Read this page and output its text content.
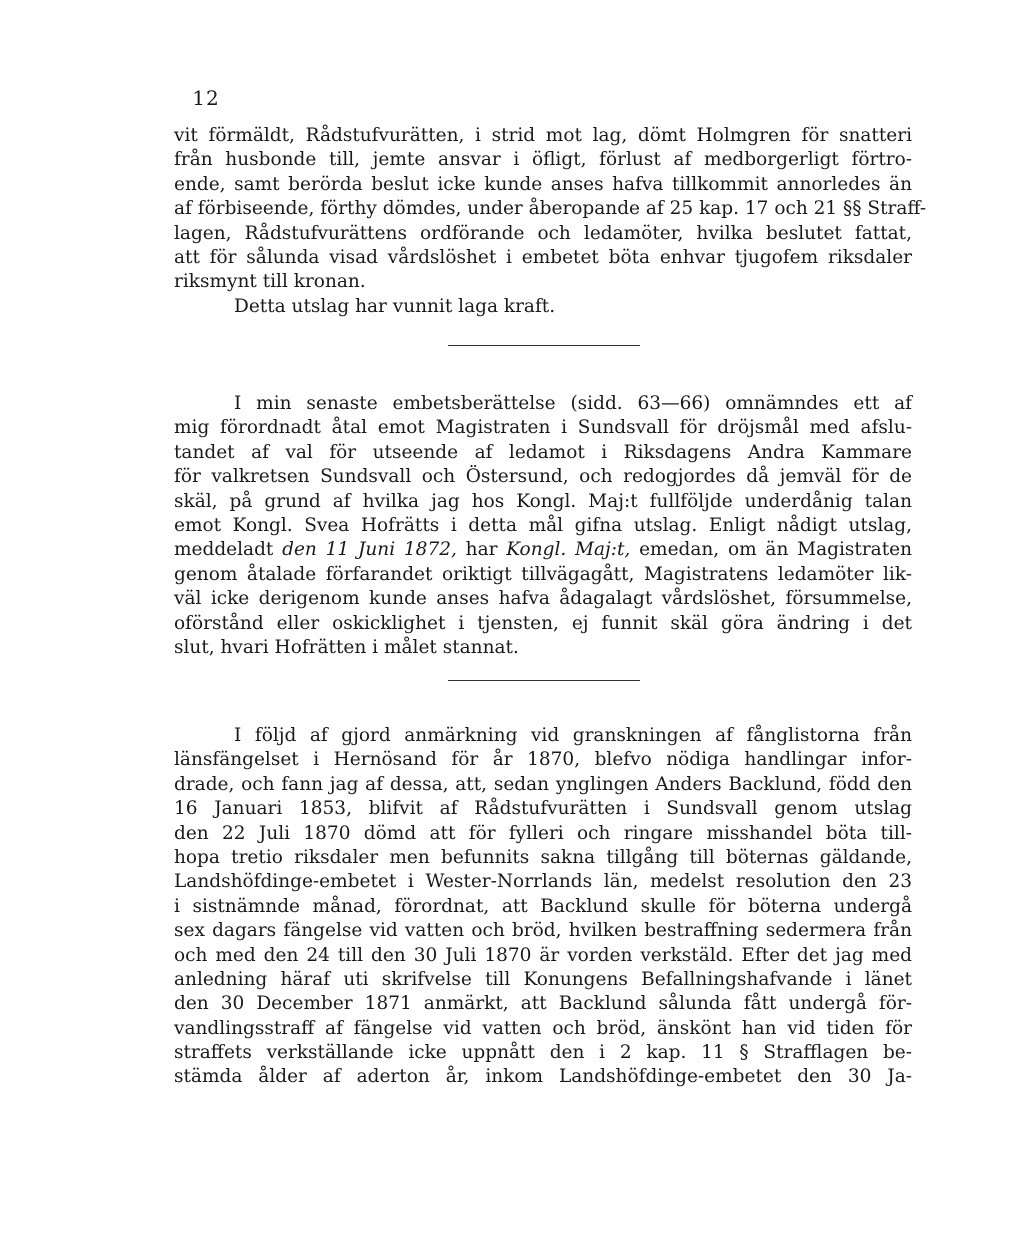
12
vit förmäldt, Rådstufvurätten, i strid mot lag, dömt Holmgren för snatteri
från husbonde till, jemte ansvar i öfligt, förlust af medborgerligt förtro-
ende, samt berörda beslut icke kunde anses hafva tillkommit annorledes än
af förbiseende, förthy dömdes, under åberopande af 25 kap. 17 och 21 §§ Straff-
lagen, Rådstufvurättens ordförande och ledamöter, hvilka beslutet fattat,
att för sålunda visad vårdslöshet i embetet böta enhvar tjugofem riksdaler
riksmynt till kronan.
Detta utslag har vunnit laga kraft.
I min senaste embetsberättelse (sidd. 63—66) omnämndes ett af
mig förordnadt åtal emot Magistraten i Sundsvall för dröjsmål med afslu-
tandet af val för utseende af ledamot i Riksdagens Andra Kammare
för valkretsen Sundsvall och Östersund, och redogjordes då jemväl för de
skäl, på grund af hvilka jag hos Kongl. Maj:t fullföljde underdånig talan
emot Kongl. Svea Hofrätts i detta mål gifna utslag. Enligt nådigt utslag,
meddeladt den 11 Juni 1872, har Kongl. Maj:t, emedan, om än Magistraten
genom åtalade förfarandet oriktigt tillvägagått, Magistratens ledamöter lik-
väl icke derigenom kunde anses hafva ådagalagt vårdslöshet, försummelse,
oförstånd eller oskicklighet i tjensten, ej funnit skäl göra ändring i det
slut, hvari Hofrätten i målet stannat.
I följd af gjord anmärkning vid granskningen af fånglistorna från
länsfängelset i Hernösand för år 1870, blefvo nödiga handlingar infor-
drade, och fann jag af dessa, att, sedan ynglingen Anders Backlund, född den
16 Januari 1853, blifvit af Rådstufvurätten i Sundsvall genom utslag
den 22 Juli 1870 dömd att för fylleri och ringare misshandel böta till-
hopa tretio riksdaler men befunnits sakna tillgång till böternas gäldande,
Landshöfdinge-embetet i Wester-Norrlands län, medelst resolution den 23
i sistnämnde månad, förordnat, att Backlund skulle för böterna undergå
sex dagars fängelse vid vatten och bröd, hvilken bestraffning sedermera från
och med den 24 till den 30 Juli 1870 är vorden verkstäld. Efter det jag med
anledning häraf uti skrifvelse till Konungens Befallningshafvande i länet
den 30 December 1871 anmärkt, att Backlund sålunda fått undergå för-
vandlingsstraff af fängelse vid vatten och bröd, änskönt han vid tiden för
straffets verkställande icke uppnått den i 2 kap. 11 § Strafflagen be-
stämda ålder af aderton år, inkom Landshöfdinge-embetet den 30 Ja-
